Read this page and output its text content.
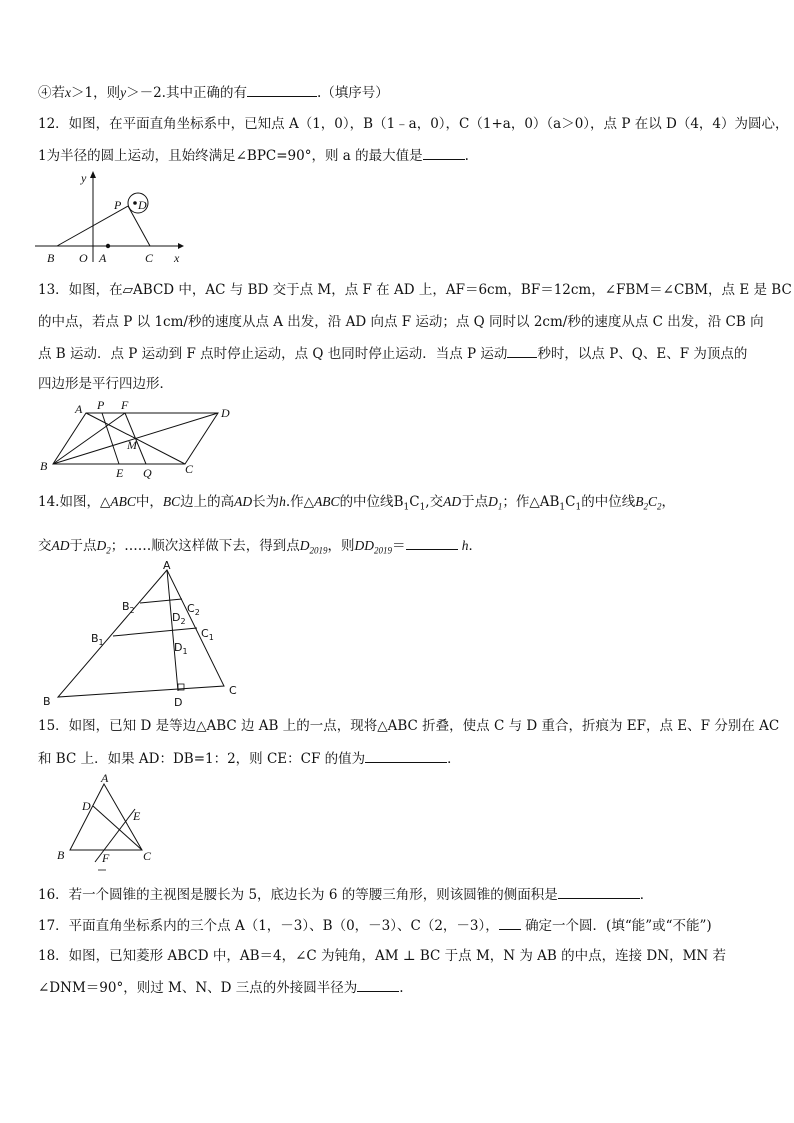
④若x＞1，则y＞－2.其中正确的有	.（填序号）
12．如图，在平面直角坐标系中，已知点 A（1，0），B（1﹣a，0），C（1+a，0）（a＞0），点 P 在以 D（4，4）为圆心，
1为半径的圆上运动，且始终满足∠BPC=90°，则 a 的最大值是	.
y
x
P D
B O A	C
13．如图，在▱ABCD 中，AC 与 BD 交于点 M，点 F 在 AD 上，AF＝6cm，BF＝12cm，∠FBM＝∠CBM，点 E 是 BC
的中点，若点 P 以 1cm/秒的速度从点 A 出发，沿 AD 向点 F 运动；点 Q 同时以 2cm/秒的速度从点 C 出发，沿 CB 向
点 B 运动．点 P 运动到 F 点时停止运动，点 Q 也同时停止运动．当点 P 运动 秒时，以点 P、Q、E、F 为顶点的
四边形是平行四边形．
A P F
D
M
B	E Q	C
14.如图，△ABC中，BC边上的高AD长为h.作△ABC的中位线$B_1C_1$,交AD于点$D_1$；作$\triangle AB_1C_1$的中位线$B_2C_2$，
交AD于点$D_2$；……顺次这样做下去，得到点$D_{2019}$，则$DD_{2019}=$	h．
A
$B_2$	$C_2$
$D_2$
$B_1$
$C_1$
$D_1$
B	D
C
15．如图，已知 D 是等边△ABC 边 AB 上的一点，现将△ABC 折叠，使点 C 与 D 重合，折痕为 EF，点 E、F 分别在 AC
和 BC 上．如果 AD：DB=1：2，则 CE：CF 的值为	．
A
D
E
B	F	C
16．若一个圆锥的主视图是腰长为 5，底边长为 6 的等腰三角形，则该圆锥的侧面积是	．
17．平面直角坐标系内的三个点 A（1，－3）、B（0，－3）、C（2，－3）， 确定一个圆．(填“能”或“不能”)
18．如图，已知菱形 ABCD 中，AB＝4，∠C 为钝角，AM ⊥ BC 于点 M，N 为 AB 的中点，连接 DN，MN 若
∠DNM＝90°，则过 M、N、D 三点的外接圆半径为	.
